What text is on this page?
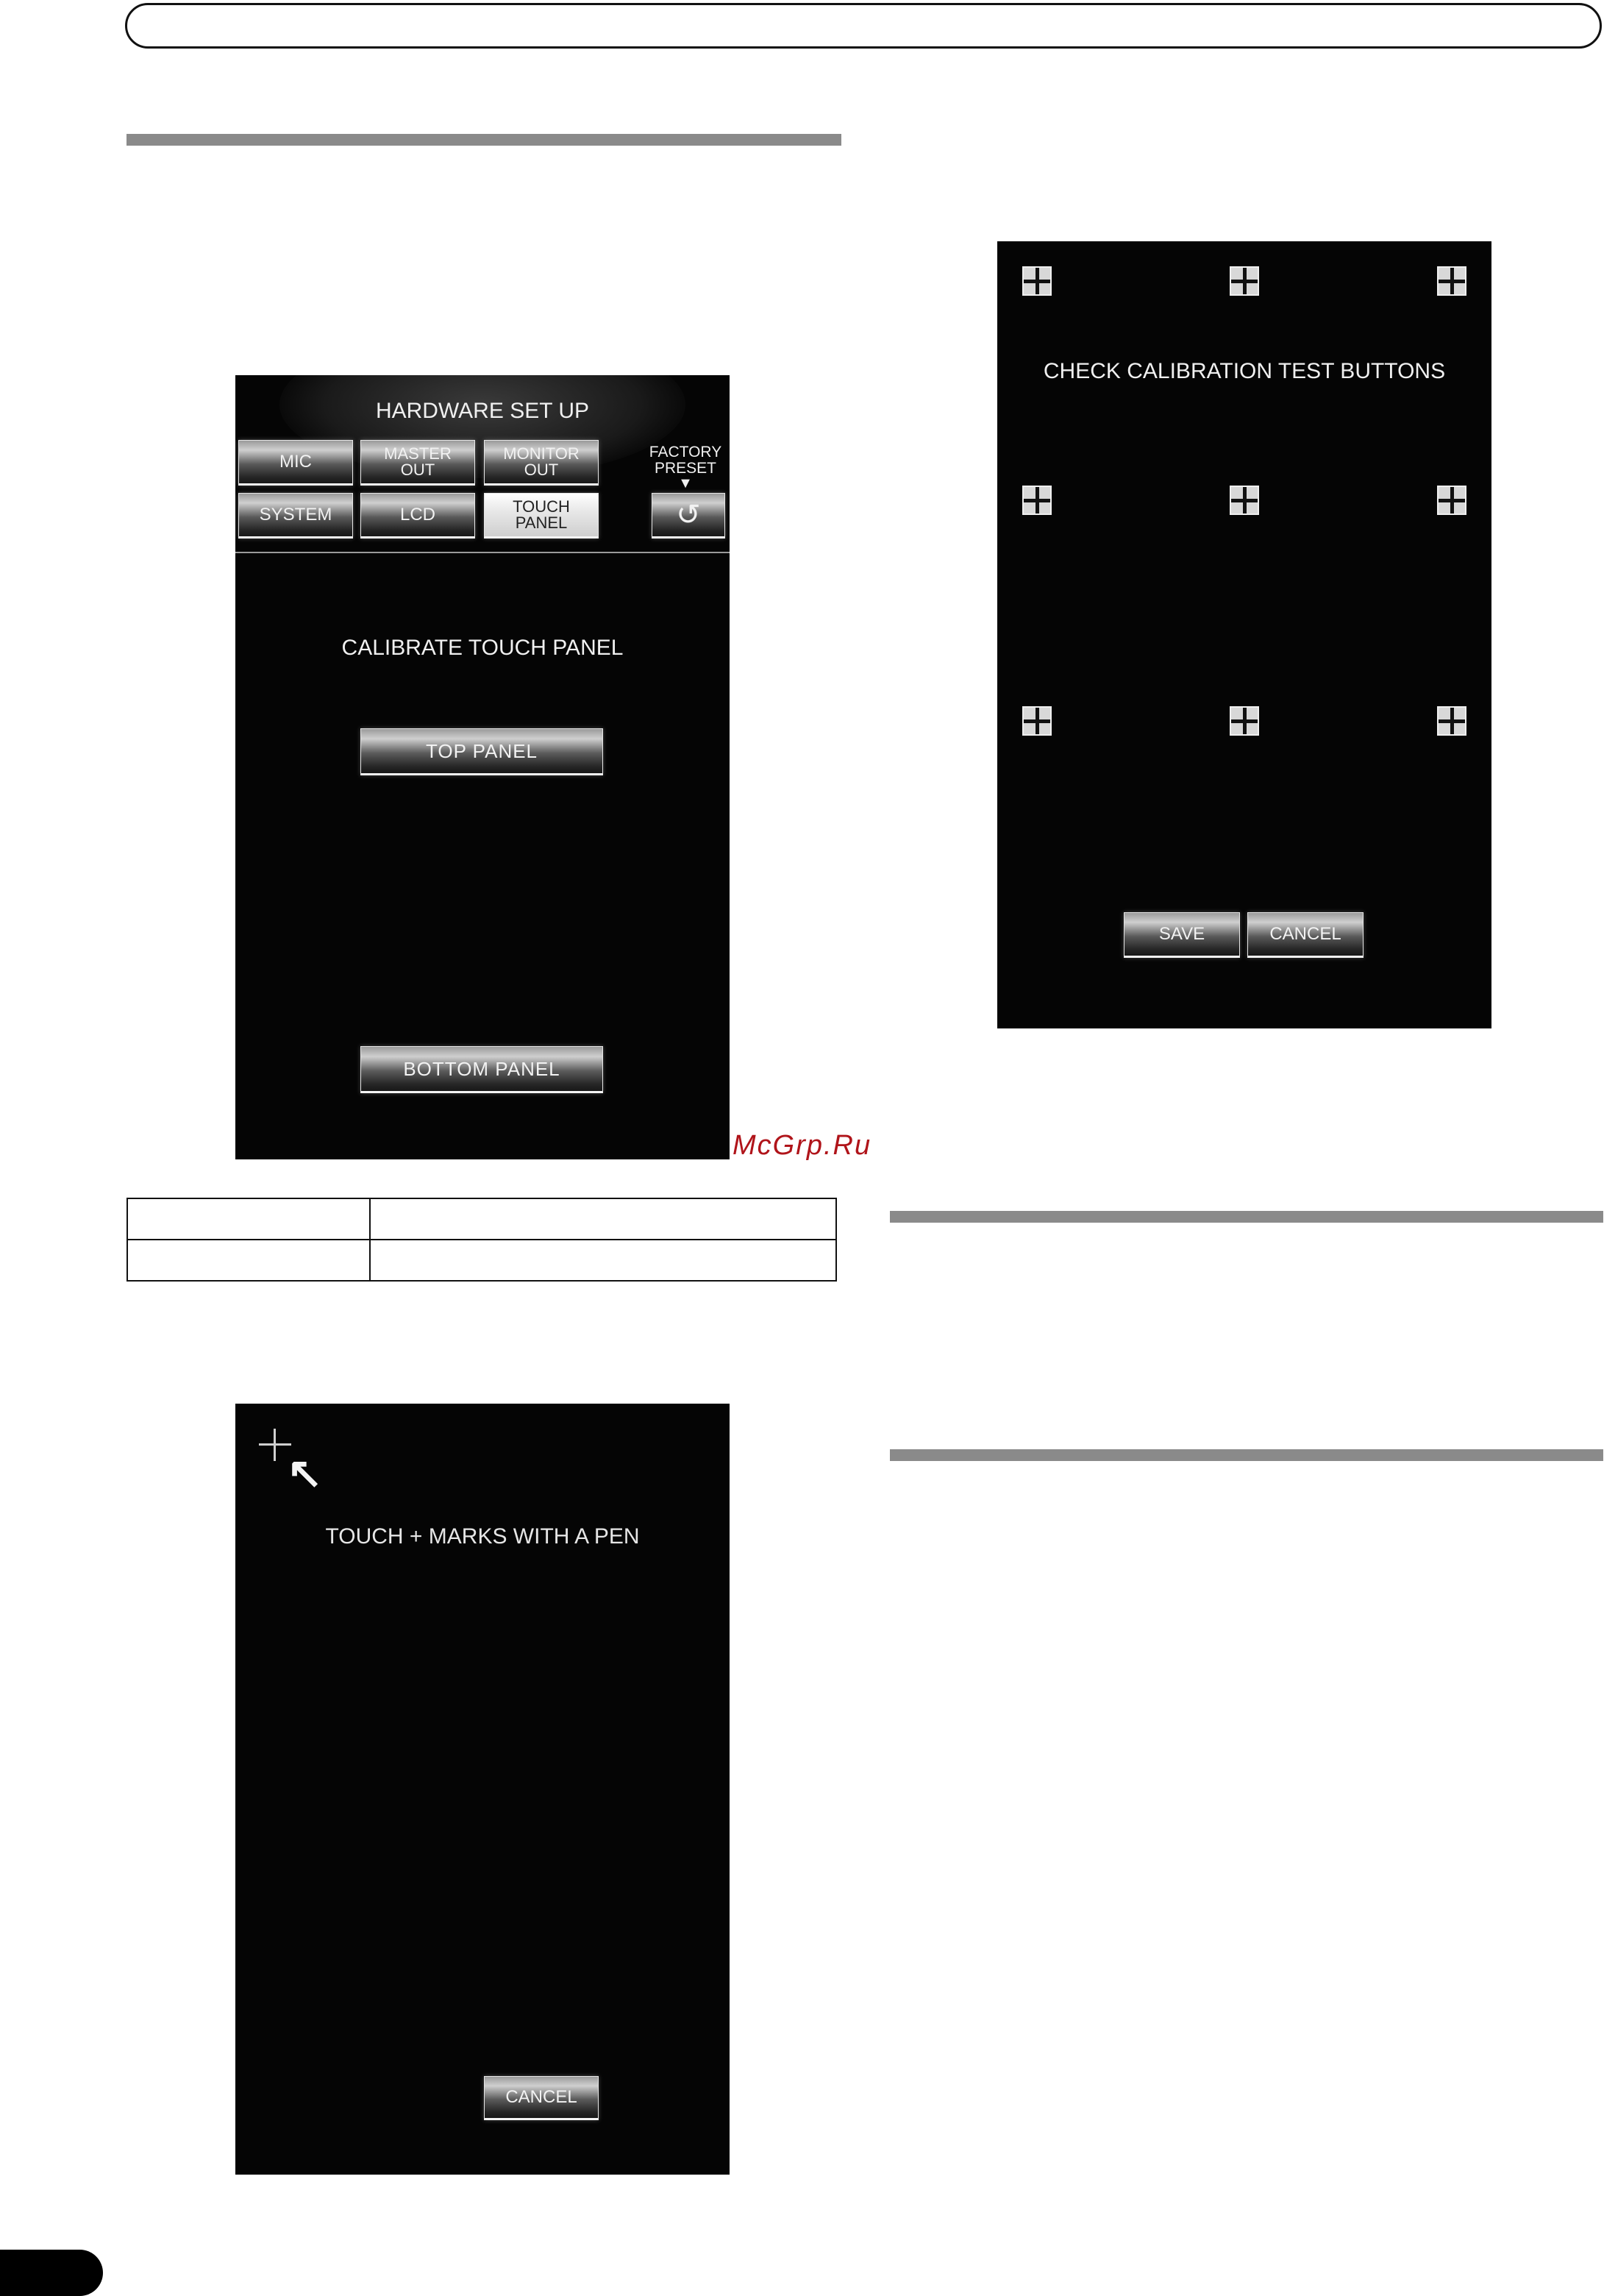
HARDWARE SET UP
MIC	MASTER
OUT
MONITOR
OUT
SYSTEM	LCD	TOUCH
PANEL
FACTORY
PRESET
▼
↺
CALIBRATE TOUCH PANEL
TOP PANEL
BOTTOM PANEL
McGrp.Ru

↖
TOUCH + MARKS WITH A PEN
CANCEL
CHECK CALIBRATION TEST BUTTONS
SAVE	CANCEL
